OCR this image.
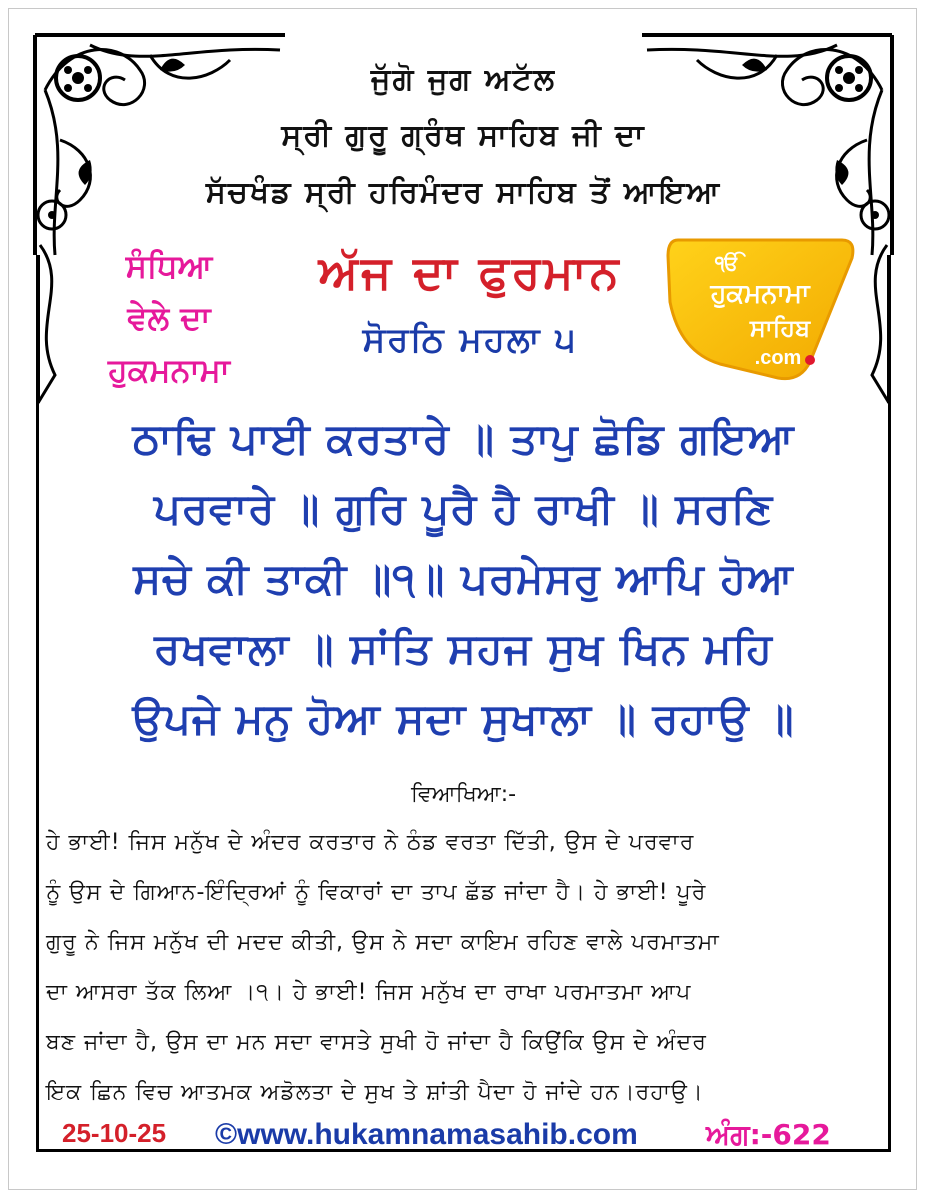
ਜੁੱਗੋ ਜੁਗ ਅਟੱਲ
ਸ੍ਰੀ ਗੁਰੂ ਗ੍ਰੰਥ ਸਾਹਿਬ ਜੀ ਦਾ
ਸੱਚਖੰਡ ਸ੍ਰੀ ਹਰਿਮੰਦਰ ਸਾਹਿਬ ਤੋਂ ਆਇਆ
ਸੰਧਿਆ
ਵੇਲੇ ਦਾ
ਹੁਕਮਨਾਮਾ
ਅੱਜ ਦਾ ਫੁਰਮਾਨ
ਸੋਰਠਿ ਮਹਲਾ ੫
ੴ
ਹੁਕਮਨਾਮਾ
ਸਾਹਿਬ
.com
ਠਾਢਿ ਪਾਈ ਕਰਤਾਰੇ ॥ ਤਾਪੁ ਛੋਡਿ ਗਇਆ
ਪਰਵਾਰੇ ॥ ਗੁਰਿ ਪੂਰੈ ਹੈ ਰਾਖੀ ॥ ਸਰਣਿ
ਸਚੇ ਕੀ ਤਾਕੀ ॥੧॥ ਪਰਮੇਸਰੁ ਆਪਿ ਹੋਆ
ਰਖਵਾਲਾ ॥ ਸਾਂਤਿ ਸਹਜ ਸੁਖ ਖਿਨ ਮਹਿ
ਉਪਜੇ ਮਨੁ ਹੋਆ ਸਦਾ ਸੁਖਾਲਾ ॥ ਰਹਾਉ ॥
ਵਿਆਖਿਆ:-
ਹੇ ਭਾਈ! ਜਿਸ ਮਨੁੱਖ ਦੇ ਅੰਦਰ ਕਰਤਾਰ ਨੇ ਠੰਡ ਵਰਤਾ ਦਿੱਤੀ, ਉਸ ਦੇ ਪਰਵਾਰ
ਨੂੰ ਉਸ ਦੇ ਗਿਆਨ-ਇੰਦ੍ਰਿਆਂ ਨੂੰ ਵਿਕਾਰਾਂ ਦਾ ਤਾਪ ਛੱਡ ਜਾਂਦਾ ਹੈ। ਹੇ ਭਾਈ! ਪੂਰੇ
ਗੁਰੂ ਨੇ ਜਿਸ ਮਨੁੱਖ ਦੀ ਮਦਦ ਕੀਤੀ, ਉਸ ਨੇ ਸਦਾ ਕਾਇਮ ਰਹਿਣ ਵਾਲੇ ਪਰਮਾਤਮਾ
ਦਾ ਆਸਰਾ ਤੱਕ ਲਿਆ ।੧। ਹੇ ਭਾਈ! ਜਿਸ ਮਨੁੱਖ ਦਾ ਰਾਖਾ ਪਰਮਾਤਮਾ ਆਪ
ਬਣ ਜਾਂਦਾ ਹੈ, ਉਸ ਦਾ ਮਨ ਸਦਾ ਵਾਸਤੇ ਸੁਖੀ ਹੋ ਜਾਂਦਾ ਹੈ ਕਿਉਂਕਿ ਉਸ ਦੇ ਅੰਦਰ
ਇਕ ਛਿਨ ਵਿਚ ਆਤਮਕ ਅਡੋਲਤਾ ਦੇ ਸੁਖ ਤੇ ਸ਼ਾਂਤੀ ਪੈਦਾ ਹੋ ਜਾਂਦੇ ਹਨ।ਰਹਾਉ।
25-10-25 ©www.hukamnamasahib.com ਅੰਗ:-622
